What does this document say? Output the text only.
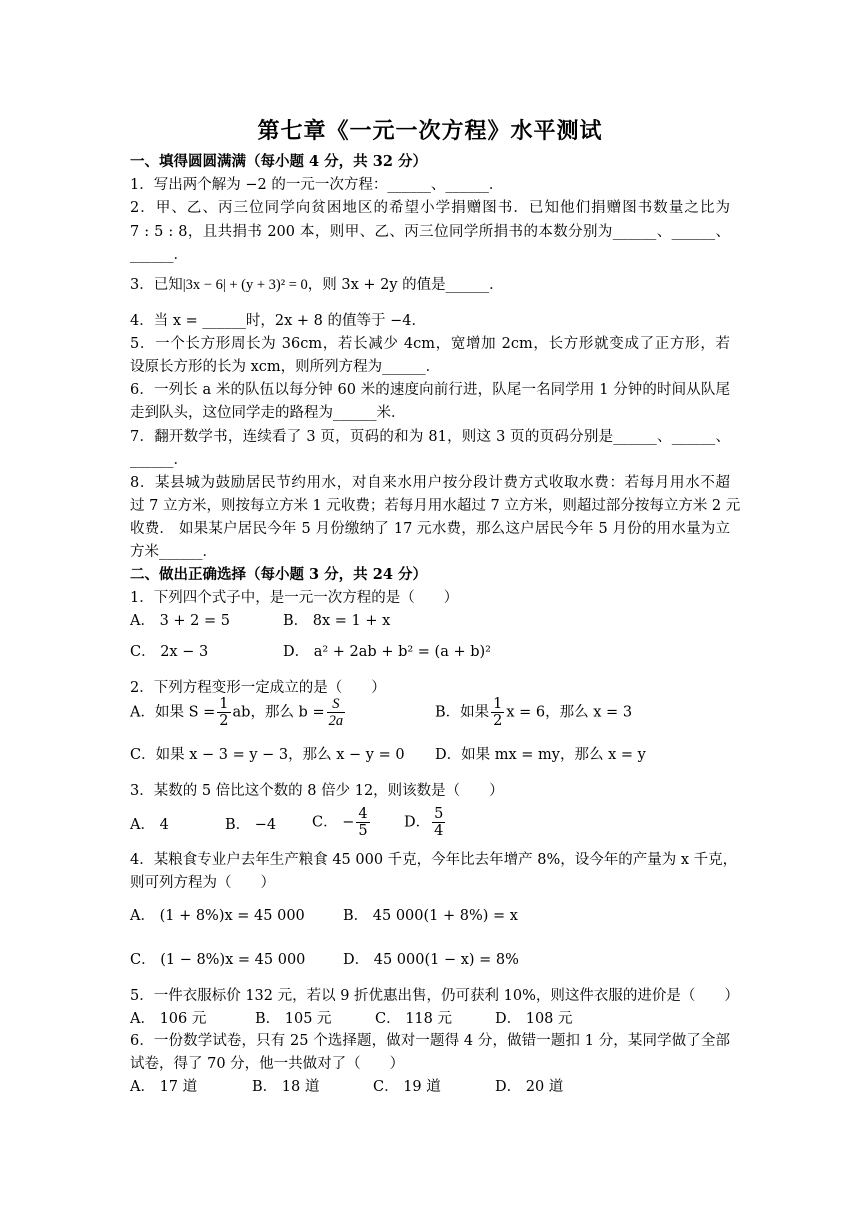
第七章《一元一次方程》水平测试
一、填得圆圆满满（每小题 4 分，共 32 分）
1．写出两个解为 −2 的一元一次方程：______、______．
2．甲、乙、丙三位同学向贫困地区的希望小学捐赠图书．已知他们捐赠图书数量之比为
7 : 5 : 8，且共捐书 200 本，则甲、乙、丙三位同学所捐书的本数分别为______、______、
______．
3．已知|3x − 6| + (y + 3)² = 0，则 3x + 2y 的值是______．
4．当 x = ______时，2x + 8 的值等于 −4．
5．一个长方形周长为 36cm，若长减少 4cm，宽增加 2cm，长方形就变成了正方形，若
设原长方形的长为 xcm，则所列方程为______．
6．一列长 a 米的队伍以每分钟 60 米的速度向前行进，队尾一名同学用 1 分钟的时间从队尾
走到队头，这位同学走的路程为______米．
7．翻开数学书，连续看了 3 页，页码的和为 81，则这 3 页的页码分别是______、______、
______．
8．某县城为鼓励居民节约用水，对自来水用户按分段计费方式收取水费：若每月用水不超
过 7 立方米，则按每立方米 1 元收费；若每月用水超过 7 立方米，则超过部分按每立方米 2 元
收费． 如果某户居民今年 5 月份缴纳了 17 元水费，那么这户居民今年 5 月份的用水量为立
方米______．
二、做出正确选择（每小题 3 分，共 24 分）
1．下列四个式子中，是一元一次方程的是（　　）
A． 3 + 2 = 5	B． 8x = 1 + x
C． 2x − 3	D． a² + 2ab + b² = (a + b)²
2．下列方程变形一定成立的是（　　）
A．如果 $S = \frac{1}{2}$ ab，那么 $b = \frac{S}{2a}$	B．如果 $\frac{1}{2}$ x = 6，那么 x = 3
C．如果 x − 3 = y − 3，那么 x − y = 0 D．如果 mx = my，那么 x = y
3．某数的 5 倍比这个数的 8 倍少 12，则该数是（　　）
A． 4	B． −4 C． − $\frac{4}{5}$ D． $\frac{5}{4}$
4．某粮食专业户去年生产粮食 45 000 千克，今年比去年增产 8%，设今年的产量为 x 千克，
则可列方程为（　　）
A． (1 + 8%)x = 45 000	B． 45 000(1 + 8%) = x
C． (1 − 8%)x = 45 000	D． 45 000(1 − x) = 8%
5．一件衣服标价 132 元，若以 9 折优惠出售，仍可获利 10%，则这件衣服的进价是（　　）
A． 106 元	B． 105 元	C． 118 元	D． 108 元
6．一份数学试卷，只有 25 个选择题，做对一题得 4 分，做错一题扣 1 分，某同学做了全部
试卷，得了 70 分，他一共做对了（　　）
A． 17 道	B． 18 道	C． 19 道	D． 20 道
